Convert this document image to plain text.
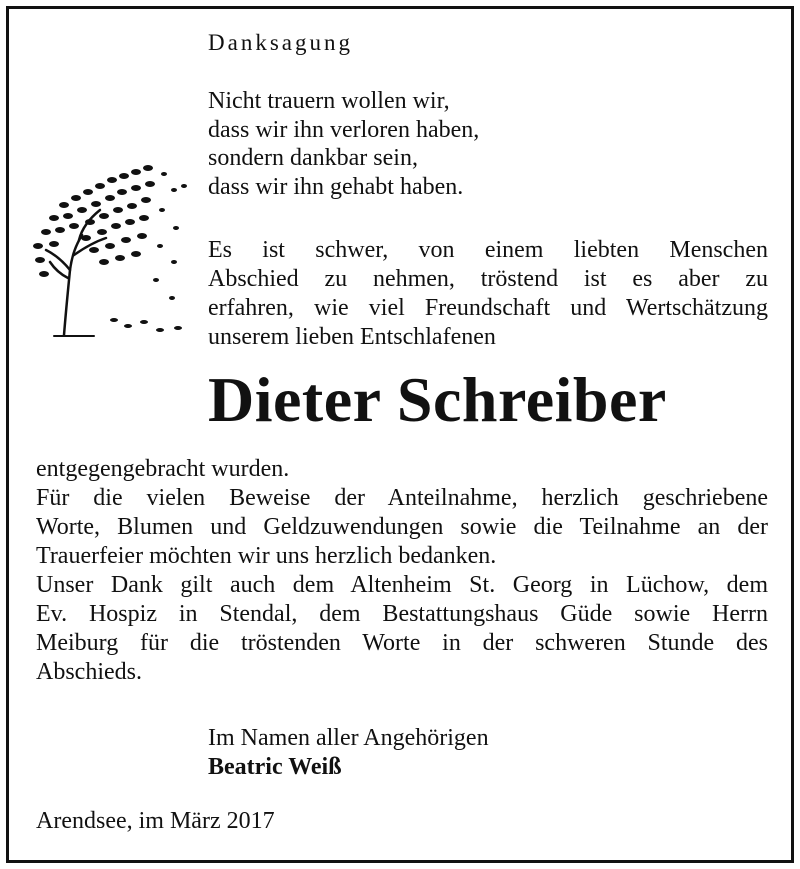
Danksagung

Nicht trauern wollen wir,
dass wir ihn verloren haben,
sondern dankbar sein,
dass wir ihn gehabt haben.
Es ist schwer, von einem liebten Menschen
Abschied zu nehmen, tröstend ist es aber zu
erfahren, wie viel Freundschaft und Wertschätzung
unserem lieben Entschlafenen

Dieter Schreiber

entgegengebracht wurden.
Für die vielen Beweise der Anteilnahme, herzlich geschriebene
Worte, Blumen und Geldzuwendungen sowie die Teilnahme an der
Trauerfeier möchten wir uns herzlich bedanken.
Unser Dank gilt auch dem Altenheim St. Georg in Lüchow, dem
Ev. Hospiz in Stendal, dem Bestattungshaus Güde sowie Herrn
Meiburg für die tröstenden Worte in der schweren Stunde des
Abschieds.
Im Namen aller Angehörigen
Beatric Weiß

Arendsee, im März 2017
